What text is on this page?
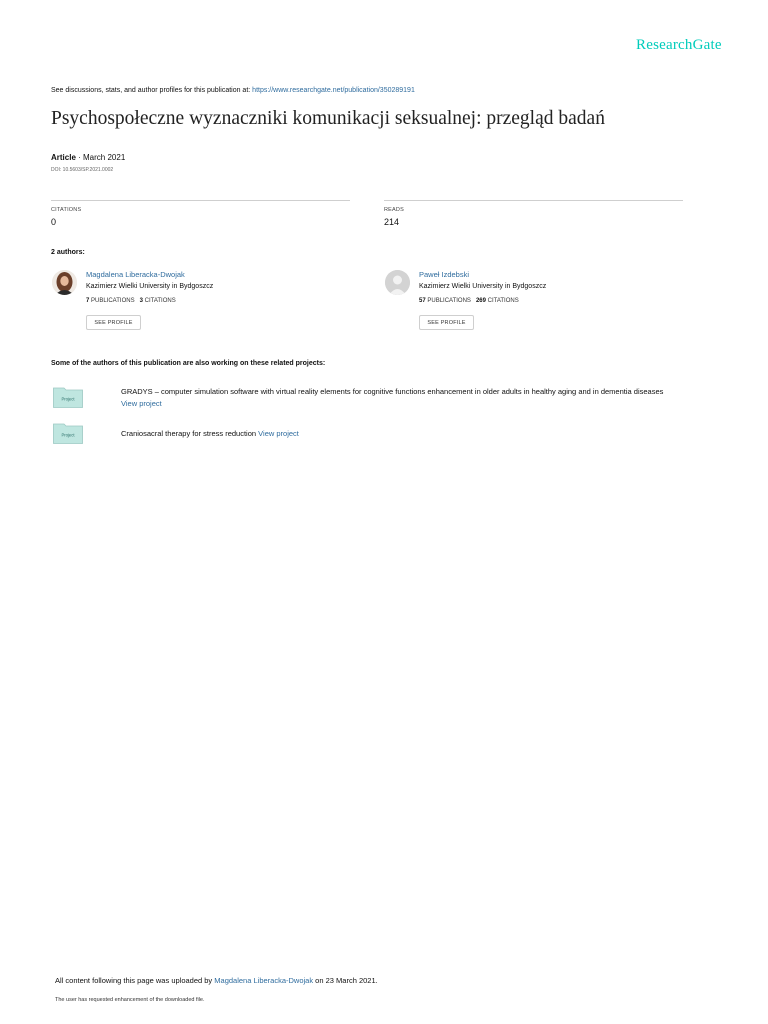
ResearchGate
See discussions, stats, and author profiles for this publication at: https://www.researchgate.net/publication/350289191
Psychospołeczne wyznaczniki komunikacji seksualnej: przegląd badań
Article · March 2021
DOI: 10.5603/SP.2021.0002
CITATIONS
0
READS
214
2 authors:
Magdalena Liberacka-Dwojak
Kazimierz Wielki University in Bydgoszcz
7 PUBLICATIONS 3 CITATIONS
SEE PROFILE
Paweł Izdebski
Kazimierz Wielki University in Bydgoszcz
57 PUBLICATIONS 269 CITATIONS
SEE PROFILE
Some of the authors of this publication are also working on these related projects:
Project
GRADYS – computer simulation software with virtual reality elements for cognitive functions enhancement in older adults in healthy aging and in dementia diseases
View project
Project	Craniosacral therapy for stress reduction View project
All content following this page was uploaded by Magdalena Liberacka-Dwojak on 23 March 2021.
The user has requested enhancement of the downloaded file.
